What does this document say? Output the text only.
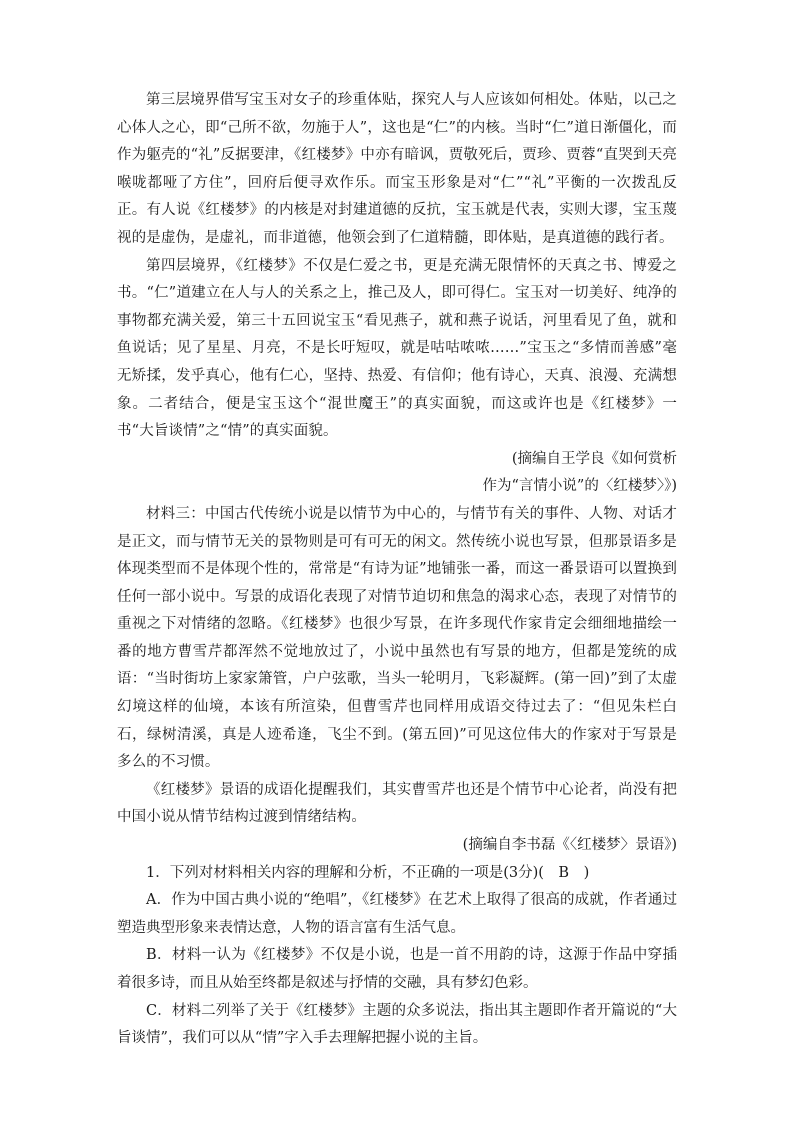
第三层境界借写宝玉对女子的珍重体贴，探究人与人应该如何相处。体贴，以己之心体人之心，即“己所不欲，勿施于人”，这也是“仁”的内核。当时“仁”道日渐僵化，而作为躯壳的“礼”反据要津，《红楼梦》中亦有暗讽，贾敬死后，贾珍、贾蓉“直哭到天亮喉咙都哑了方住”，回府后便寻欢作乐。而宝玉形象是对“仁”“礼”平衡的一次拨乱反正。有人说《红楼梦》的内核是对封建道德的反抗，宝玉就是代表，实则大谬，宝玉蔑视的是虚伪，是虚礼，而非道德，他领会到了仁道精髓，即体贴，是真道德的践行者。

第四层境界，《红楼梦》不仅是仁爱之书，更是充满无限情怀的天真之书、博爱之书。“仁”道建立在人与人的关系之上，推己及人，即可得仁。宝玉对一切美好、纯净的事物都充满关爱，第三十五回说宝玉“看见燕子，就和燕子说话，河里看见了鱼，就和鱼说话；见了星星、月亮，不是长吁短叹，就是咕咕哝哝……”宝玉之“多情而善感”毫无矫揉，发乎真心，他有仁心，坚持、热爱、有信仰；他有诗心，天真、浪漫、充满想象。二者结合，便是宝玉这个“混世魔王”的真实面貌，而这或许也是《红楼梦》一书“大旨谈情”之“情”的真实面貌。

(摘编自王学良《如何赏析

作为“言情小说”的〈红楼梦〉》)

材料三：中国古代传统小说是以情节为中心的，与情节有关的事件、人物、对话才是正文，而与情节无关的景物则是可有可无的闲文。然传统小说也写景，但那景语多是体现类型而不是体现个性的，常常是“有诗为证”地铺张一番，而这一番景语可以置换到任何一部小说中。写景的成语化表现了对情节迫切和焦急的渴求心态，表现了对情节的重视之下对情绪的忽略。《红楼梦》也很少写景，在许多现代作家肯定会细细地描绘一番的地方曹雪芹都浑然不觉地放过了，小说中虽然也有写景的地方，但都是笼统的成语：“当时街坊上家家箫管，户户弦歌，当头一轮明月，飞彩凝辉。(第一回)”到了太虚幻境这样的仙境，本该有所渲染，但曹雪芹也同样用成语交待过去了：“但见朱栏白石，绿树清溪，真是人迹希逢，飞尘不到。(第五回)”可见这位伟大的作家对于写景是多么的不习惯。

《红楼梦》景语的成语化提醒我们，其实曹雪芹也还是个情节中心论者，尚没有把中国小说从情节结构过渡到情绪结构。

(摘编自李书磊《〈红楼梦〉景语》)

1．下列对材料相关内容的理解和分析，不正确的一项是(3分)(　B　)

A．作为中国古典小说的“绝唱”，《红楼梦》在艺术上取得了很高的成就，作者通过塑造典型形象来表情达意，人物的语言富有生活气息。

B．材料一认为《红楼梦》不仅是小说，也是一首不用韵的诗，这源于作品中穿插着很多诗，而且从始至终都是叙述与抒情的交融，具有梦幻色彩。

C．材料二列举了关于《红楼梦》主题的众多说法，指出其主题即作者开篇说的“大旨谈情”，我们可以从“情”字入手去理解把握小说的主旨。
